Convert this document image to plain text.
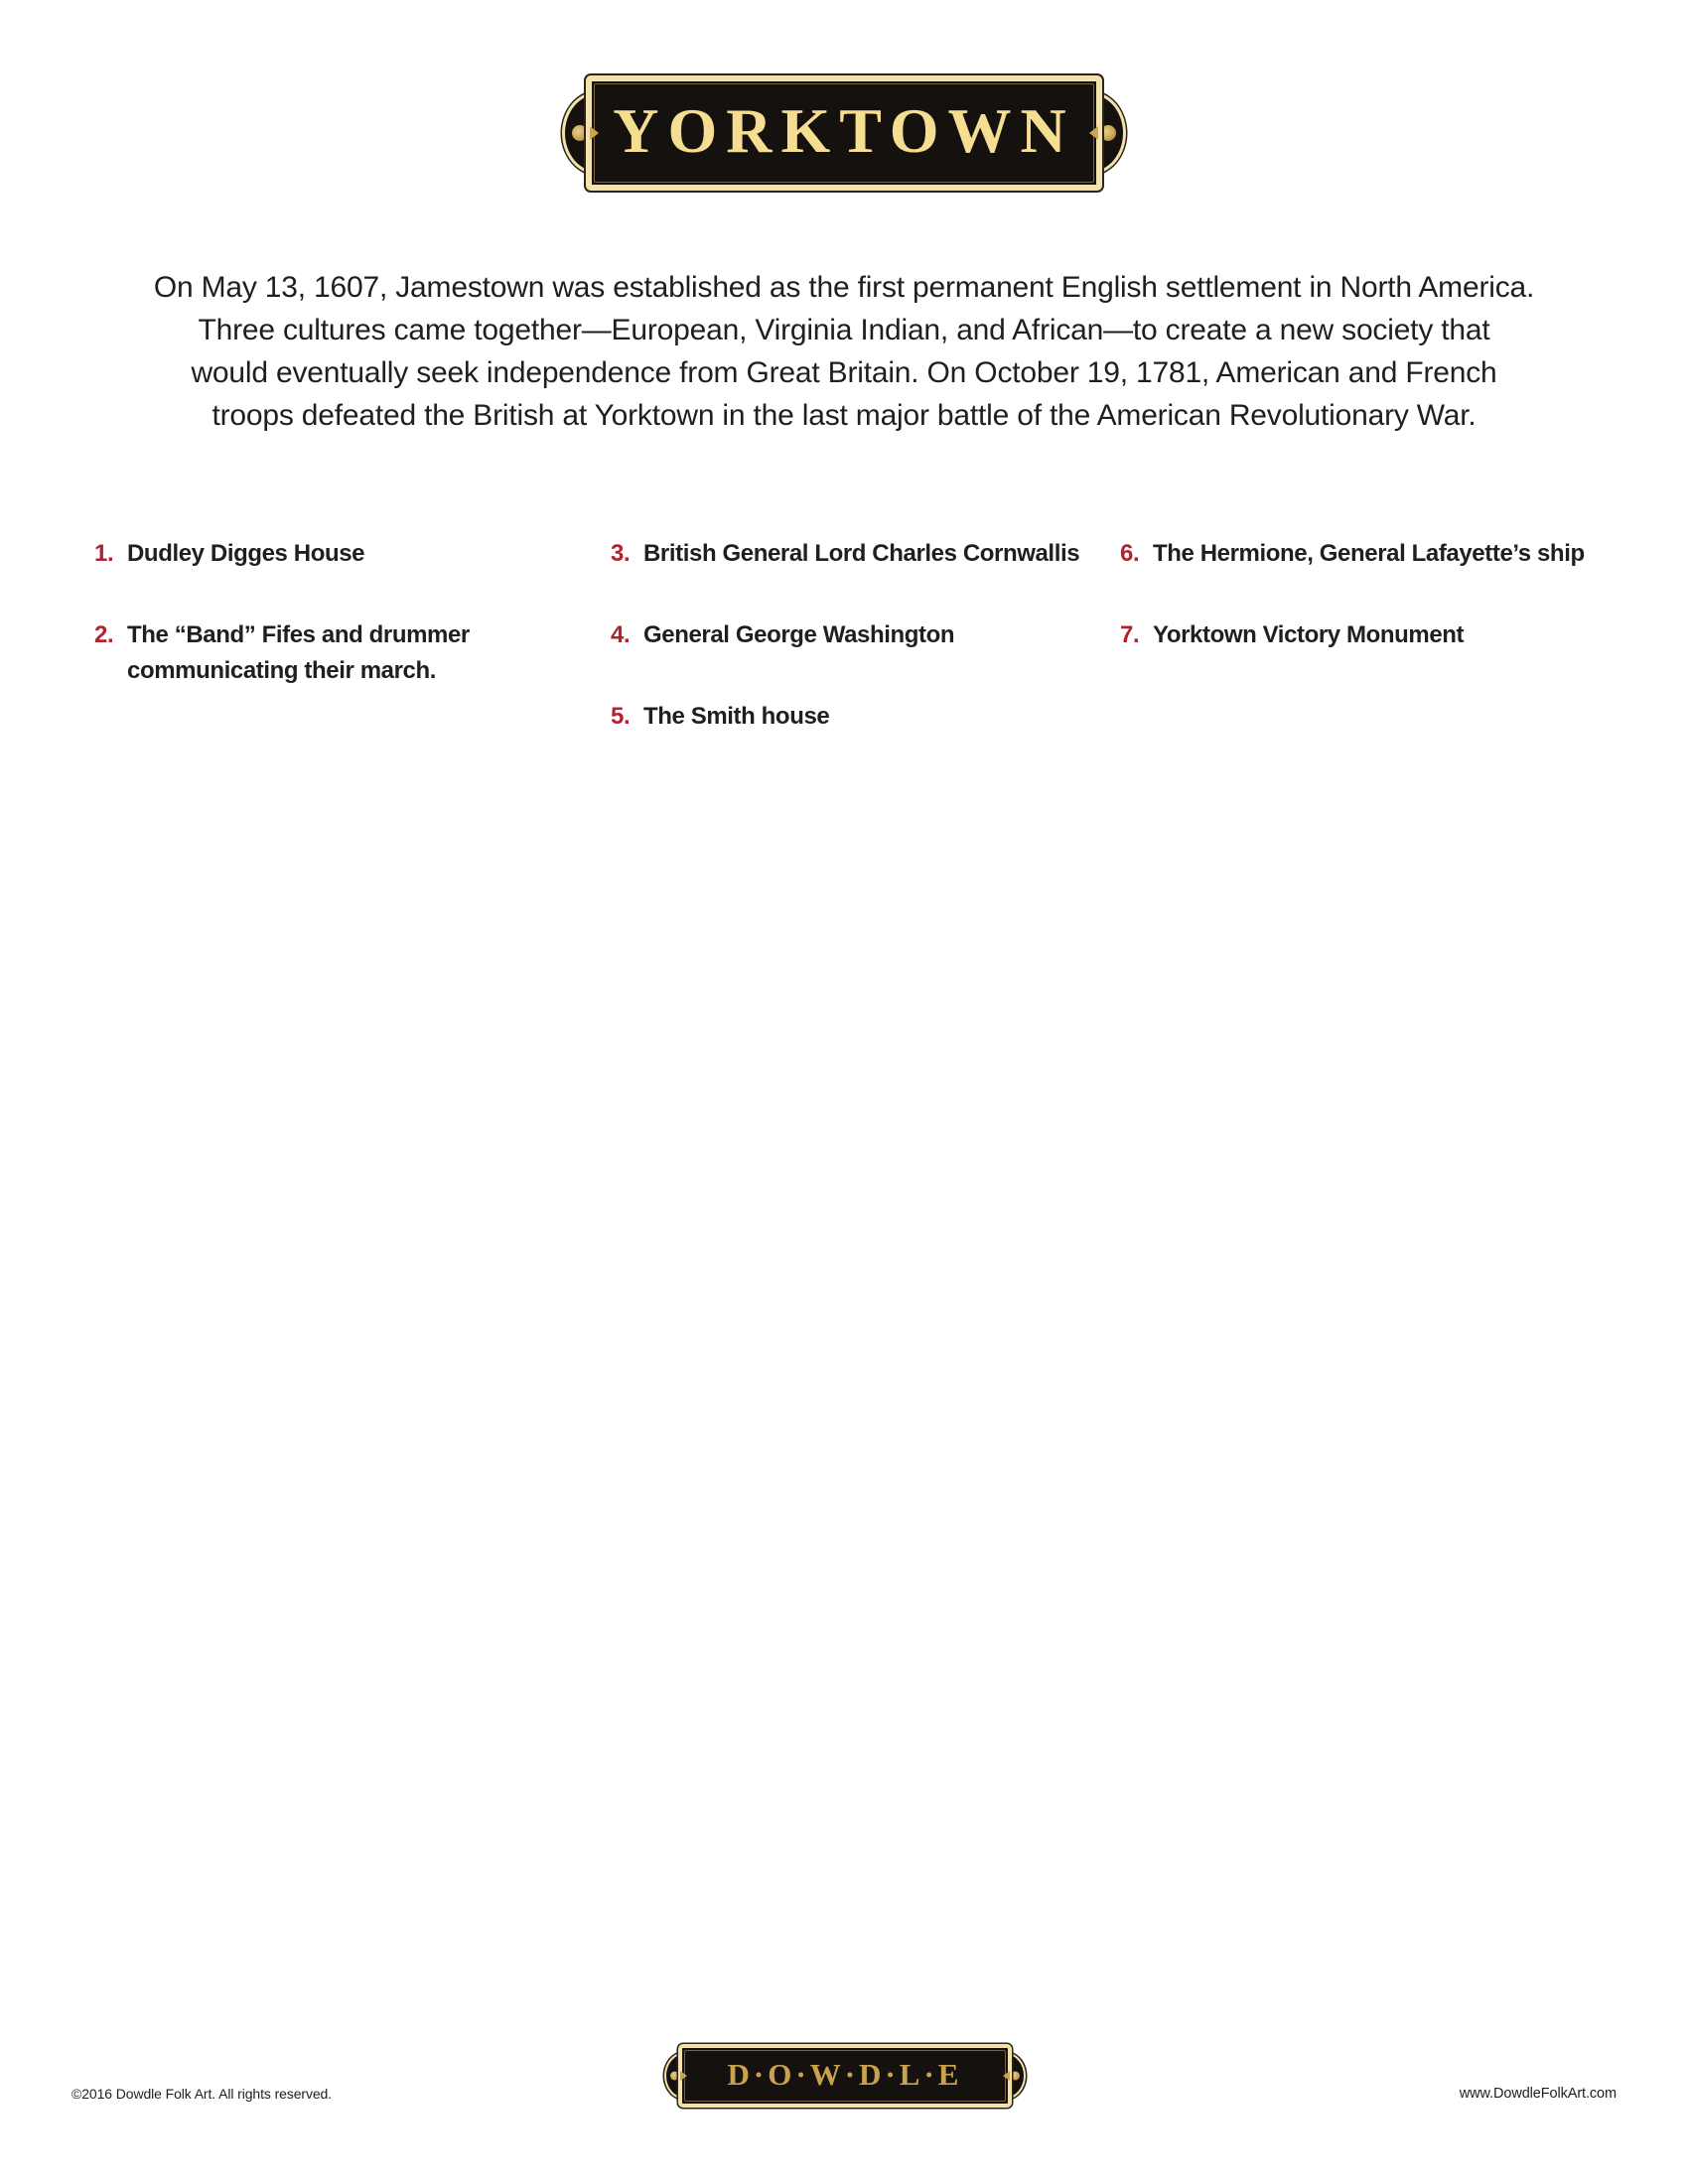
YORKTOWN
On May 13, 1607, Jamestown was established as the first permanent English settlement in North America.
Three cultures came together—European, Virginia Indian, and African—to create a new society that
would eventually seek independence from Great Britain. On October 19, 1781, American and French
troops defeated the British at Yorktown in the last major battle of the American Revolutionary War.
1. Dudley Digges House
2. The “Band” Fifes and drummer communicating their march.
3. British General Lord Charles Cornwallis
4. General George Washington
5. The Smith house
6. The Hermione, General Lafayette’s ship
7. Yorktown Victory Monument
D·O·W·D·L·E
©2016 Dowdle Folk Art. All rights reserved.	www.DowdleFolkArt.com
